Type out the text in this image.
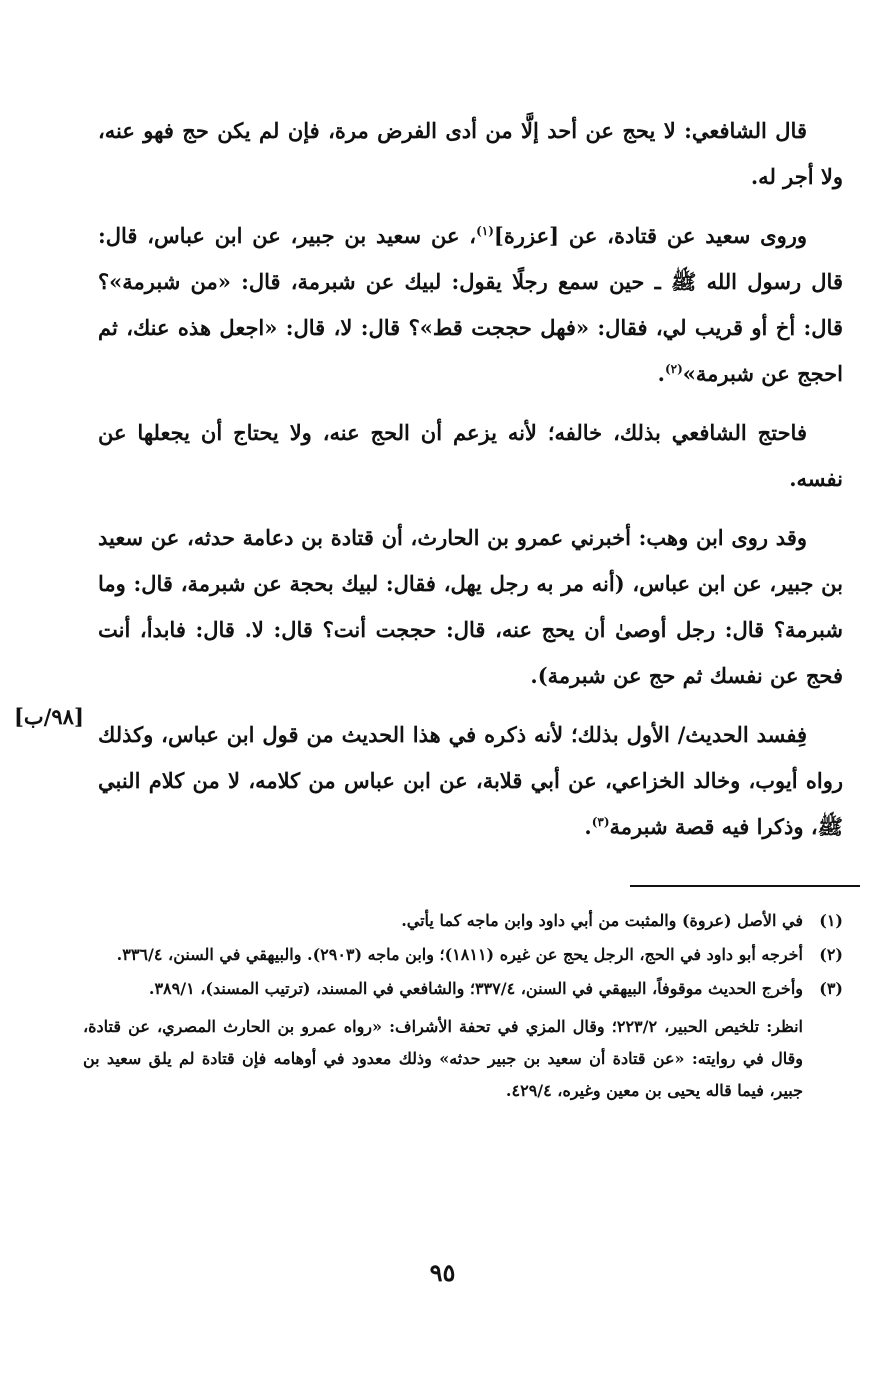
[٩٨/ب]

قال الشافعي: لا يحج عن أحد إلَّا من أدى الفرض مرة، فإن لم يكن حج فهو عنه، ولا أجر له.

وروى سعيد عن قتادة، عن [عزرة]$^{(١)}$، عن سعيد بن جبير، عن ابن عباس، قال: قال رسول الله ﷺ ـ حين سمع رجلًا يقول: لبيك عن شبرمة، قال: «من شبرمة»؟ قال: أخ أو قريب لي، فقال: «فهل حججت قط»؟ قال: لا، قال: «اجعل هذه عنك، ثم احجج عن شبرمة»$^{(٢)}$.

فاحتج الشافعي بذلك، خالفه؛ لأنه يزعم أن الحج عنه، ولا يحتاج أن يجعلها عن نفسه.

وقد روى ابن وهب: أخبرني عمرو بن الحارث، أن قتادة بن دعامة حدثه، عن سعيد بن جبير، عن ابن عباس، (أنه مر به رجل يهل، فقال: لبيك بحجة عن شبرمة، قال: وما شبرمة؟ قال: رجل أوصىٰ أن يحج عنه، قال: حججت أنت؟ قال: لا. قال: فابدأ، أنت فحج عن نفسك ثم حج عن شبرمة).

فِفسد الحديث/ الأول بذلك؛ لأنه ذكره في هذا الحديث من قول ابن عباس، وكذلك رواه أيوب، وخالد الخزاعي، عن أبي قلابة، عن ابن عباس من كلامه، لا من كلام النبي ﷺ، وذكرا فيه قصة شبرمة$^{(٣)}$.

(١)
في الأصل (عروة) والمثبت من أبي داود وابن ماجه كما يأتي.
(٢)
أخرجه أبو داود في الحج، الرجل يحج عن غيره (١٨١١)؛ وابن ماجه (٢٩٠٣). والبيهقي في السنن، ٣٣٦/٤.
(٣)
وأخرج الحديث موقوفاً، البيهقي في السنن، ٣٣٧/٤؛ والشافعي في المسند، (ترتيب المسند)، ٣٨٩/١.
انظر: تلخيص الحبير، ٢٢٣/٢؛ وقال المزي في تحفة الأشراف: «رواه عمرو بن الحارث المصري، عن قتادة، وقال في روايته: «عن قتادة أن سعيد بن جبير حدثه» وذلك معدود في أوهامه فإن قتادة لم يلق سعيد بن جبير، فيما قاله يحيى بن معين وغيره، ٤٢٩/٤.
٩٥
